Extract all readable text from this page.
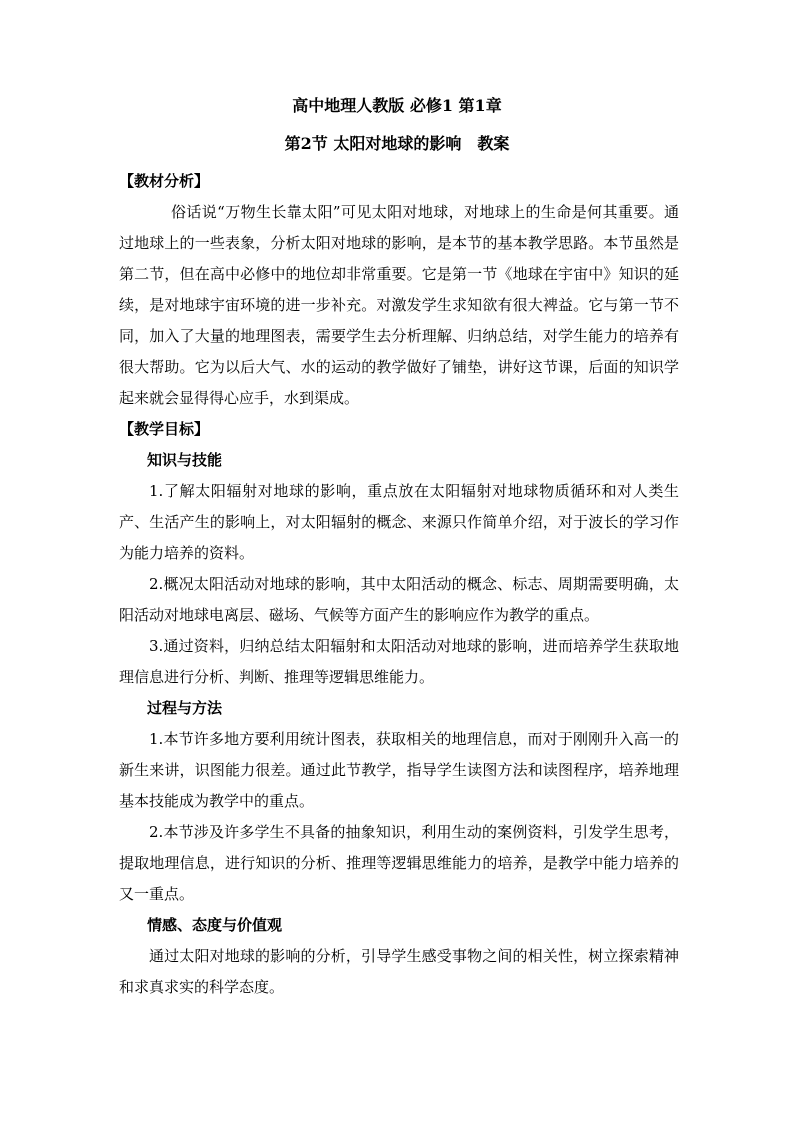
高中地理人教版 必修1 第1章
第2节 太阳对地球的影响　教案
【教材分析】

俗话说“万物生长靠太阳”可见太阳对地球，对地球上的生命是何其重要。通过地球上的一些表象，分析太阳对地球的影响，是本节的基本教学思路。本节虽然是第二节，但在高中必修中的地位却非常重要。它是第一节《地球在宇宙中》知识的延续，是对地球宇宙环境的进一步补充。对激发学生求知欲有很大裨益。它与第一节不同，加入了大量的地理图表，需要学生去分析理解、归纳总结，对学生能力的培养有很大帮助。它为以后大气、水的运动的教学做好了铺垫，讲好这节课，后面的知识学起来就会显得得心应手，水到渠成。

【教学目标】
知识与技能

1.了解太阳辐射对地球的影响，重点放在太阳辐射对地球物质循环和对人类生产、生活产生的影响上，对太阳辐射的概念、来源只作简单介绍，对于波长的学习作为能力培养的资料。

2.概况太阳活动对地球的影响，其中太阳活动的概念、标志、周期需要明确，太阳活动对地球电离层、磁场、气候等方面产生的影响应作为教学的重点。

3.通过资料，归纳总结太阳辐射和太阳活动对地球的影响，进而培养学生获取地理信息进行分析、判断、推理等逻辑思维能力。

过程与方法

1.本节许多地方要利用统计图表，获取相关的地理信息，而对于刚刚升入高一的新生来讲，识图能力很差。通过此节教学，指导学生读图方法和读图程序，培养地理基本技能成为教学中的重点。

2.本节涉及许多学生不具备的抽象知识，利用生动的案例资料，引发学生思考，提取地理信息，进行知识的分析、推理等逻辑思维能力的培养，是教学中能力培养的又一重点。

情感、态度与价值观

通过太阳对地球的影响的分析，引导学生感受事物之间的相关性，树立探索精神和求真求实的科学态度。
